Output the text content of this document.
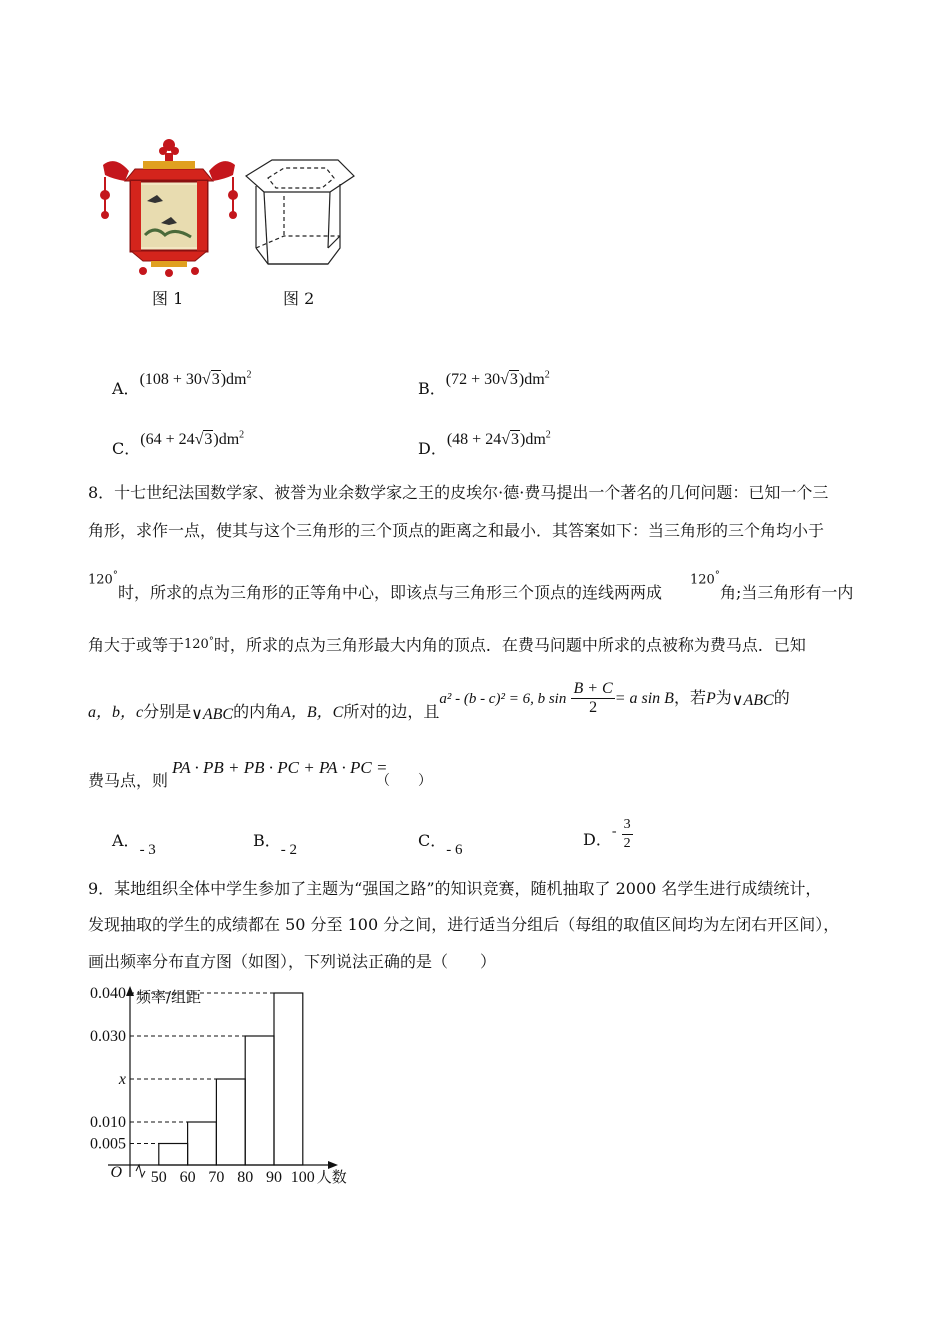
图 1	图 2
A．$(108 + 30√3)dm^2$
B．$(72 + 30√3)dm^2$
C．$(64 + 24√3)dm^2$
D．$(48 + 24√3)dm^2$
8．十七世纪法国数学家、被誉为业余数学家之王的皮埃尔·德·费马提出一个著名的几何问题：已知一个三
角形，求作一点，使其与这个三角形的三个顶点的距离之和最小．其答案如下：当三角形的三个角均小于
120°
时，所求的点为三角形的正等角中心，即该点与三角形三个顶点的连线两两成
120°
角;当三角形有一内
角大于或等于120°时，所求的点为三角形最大内角的顶点．在费马问题中所求的点被称为费马点．已知
a，b，c分别是∨ABC的内角A，B，C所对的边，且a² - (b - c)² = 6, b $\sin \frac{B + C}{2} = a$ sin B，若P为∨ABC的
费马点，则
PA · PB + PB · PC + PA · PC =
（　　）
A．- 3	B．- 2	C．- 6
D．- $\frac{3}{2}$
9．某地组织全体中学生参加了主题为“强国之路”的知识竞赛，随机抽取了 2000 名学生进行成绩统计，
发现抽取的学生的成绩都在 50 分至 100 分之间，进行适当分组后（每组的取值区间均为左闭右开区间），
画出频率分布直方图（如图），下列说法正确的是（　　）
0.040
0.030
x
0.010
0.005
50 60 70 80 90 100
O	人数
频率/组距
